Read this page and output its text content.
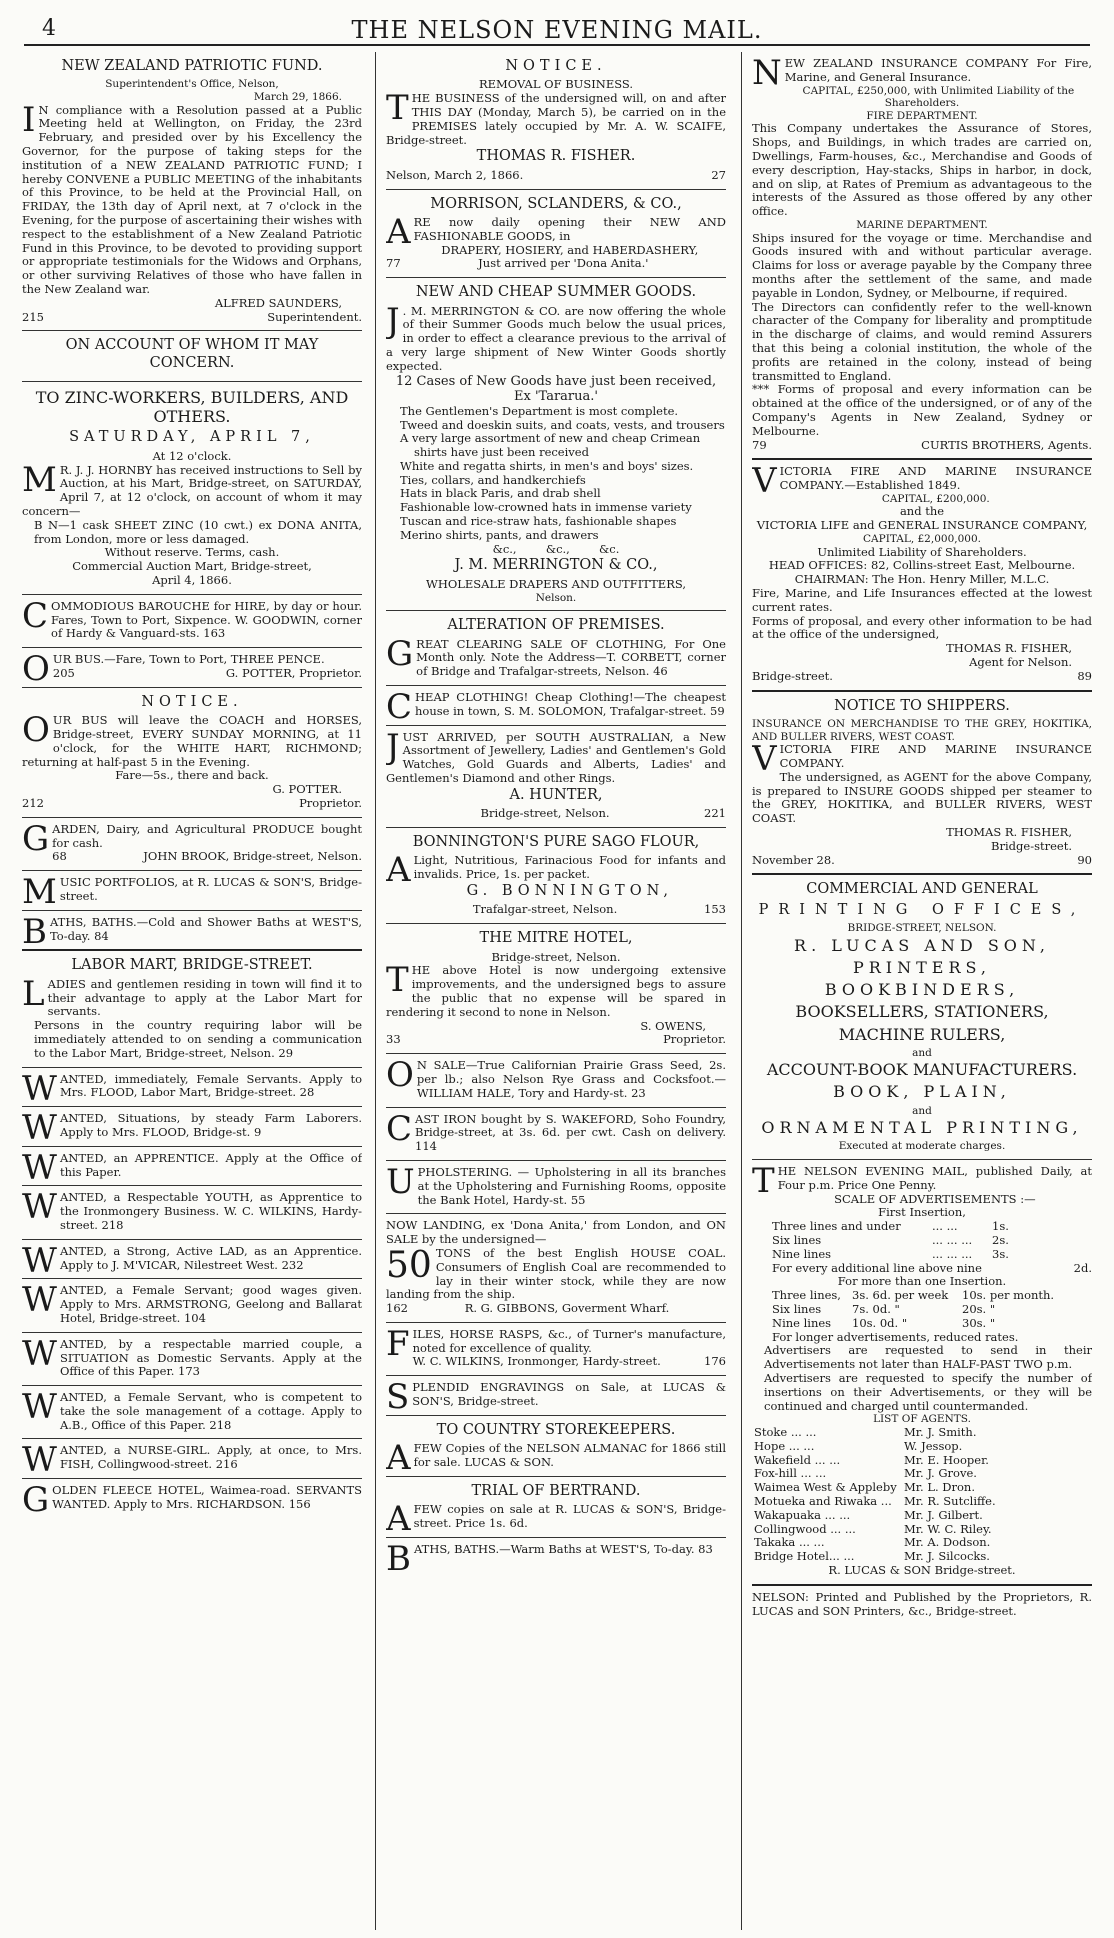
4	THE NELSON EVENING MAIL.
NEW ZEALAND PATRIOTIC FUND.
Superintendent's Office, Nelson,
March 29, 1866.

I N compliance with a Resolution passed at a Public Meeting held at Wellington, on Friday, the 23rd February, and presided over by his Excellency the Governor, for the purpose of taking steps for the institution of a NEW ZEALAND PATRIOTIC FUND; I hereby CONVENE a PUBLIC MEETING of the inhabitants of this Province, to be held at the Provincial Hall, on FRIDAY, the 13th day of April next, at 7 o'clock in the Evening, for the purpose of ascertaining their wishes with respect to the establishment of a New Zealand Patriotic Fund in this Province, to be devoted to providing support or appropriate testimonials for the Widows and Orphans, or other surviving Relatives of those who have fallen in the New Zealand war.

ALFRED SAUNDERS,
215	Superintendent.
ON ACCOUNT OF WHOM IT MAY CONCERN.
TO ZINC-WORKERS, BUILDERS, AND OTHERS.
SATURDAY, APRIL 7,
At 12 o'clock.

M R. J. J. HORNBY has received instructions to Sell by Auction, at his Mart, Bridge-street, on SATURDAY, April 7, at 12 o'clock, on account of whom it may concern—

B N—1 cask SHEET ZINC (10 cwt.) ex DONA ANITA, from London, more or less damaged.

Without reserve. Terms, cash.
Commercial Auction Mart, Bridge-street,
April 4, 1866.

COMMODIOUS BAROUCHE for HIRE, by day or hour. Fares, Town to Port, Sixpence. W. GOODWIN, corner of Hardy & Vanguard-sts. 163

OUR BUS.—Fare, Town to Port, THREE PENCE.

205	G. POTTER, Proprietor.
NOTICE.

OUR BUS will leave the COACH and HORSES, Bridge-street, EVERY SUNDAY MORNING, at 11 o'clock, for the WHITE HART, RICHMOND; returning at half-past 5 in the Evening.

Fare—5s., there and back.
G. POTTER.
212	Proprietor.

GARDEN, Dairy, and Agricultural PRODUCE bought for cash.

68	JOHN BROOK, Bridge-street, Nelson.

MUSIC PORTFOLIOS, at R. LUCAS & SON'S, Bridge-street.

BATHS, BATHS.—Cold and Shower Baths at WEST'S, To-day. 84

LABOR MART, BRIDGE-STREET.

LADIES and gentlemen residing in town will find it to their advantage to apply at the Labor Mart for servants.

Persons in the country requiring labor will be immediately attended to on sending a communication to the Labor Mart, Bridge-street, Nelson. 29

WANTED, immediately, Female Servants. Apply to Mrs. FLOOD, Labor Mart, Bridge-street. 28

WANTED, Situations, by steady Farm Laborers. Apply to Mrs. FLOOD, Bridge-st. 9

WANTED, an APPRENTICE. Apply at the Office of this Paper.

WANTED, a Respectable YOUTH, as Apprentice to the Ironmongery Business. W. C. WILKINS, Hardy-street. 218

WANTED, a Strong, Active LAD, as an Apprentice. Apply to J. M'VICAR, Nilestreet West. 232

WANTED, a Female Servant; good wages given. Apply to Mrs. ARMSTRONG, Geelong and Ballarat Hotel, Bridge-street. 104

WANTED, by a respectable married couple, a SITUATION as Domestic Servants. Apply at the Office of this Paper. 173

WANTED, a Female Servant, who is competent to take the sole management of a cottage. Apply to A.B., Office of this Paper. 218

WANTED, a NURSE-GIRL. Apply, at once, to Mrs. FISH, Collingwood-street. 216

GOLDEN FLEECE HOTEL, Waimea-road. SERVANTS WANTED. Apply to Mrs. RICHARDSON. 156

NOTICE.
REMOVAL OF BUSINESS.

THE BUSINESS of the undersigned will, on and after THIS DAY (Monday, March 5), be carried on in the PREMISES lately occupied by Mr. A. W. SCAIFE, Bridge-street.

THOMAS R. FISHER.
Nelson, March 2, 1866.	27
MORRISON, SCLANDERS, & CO.,

ARE now daily opening their NEW AND FASHIONABLE GOODS, in

DRAPERY, HOSIERY, and HABERDASHERY,
77	Just arrived per 'Dona Anita.'
NEW AND CHEAP SUMMER GOODS.

J . M. MERRINGTON & CO. are now offering the whole of their Summer Goods much below the usual prices, in order to effect a clearance previous to the arrival of a very large shipment of New Winter Goods shortly expected.

12 Cases of New Goods have just been received, Ex 'Tararua.'
The Gentlemen's Department is most complete.
Tweed and doeskin suits, and coats, vests, and trousers
A very large assortment of new and cheap Crimean shirts have just been received
White and regatta shirts, in men's and boys' sizes.
Ties, collars, and handkerchiefs
Hats in black Paris, and drab shell
Fashionable low-crowned hats in immense variety
Tuscan and rice-straw hats, fashionable shapes
Merino shirts, pants, and drawers
&c.,        &c.,        &c.
J. M. MERRINGTON & CO.,
WHOLESALE DRAPERS AND OUTFITTERS,
Nelson.
ALTERATION OF PREMISES.

GREAT CLEARING SALE OF CLOTHING, For One Month only. Note the Address—T. CORBETT, corner of Bridge and Trafalgar-streets, Nelson. 46

CHEAP CLOTHING! Cheap Clothing!—The cheapest house in town, S. M. SOLOMON, Trafalgar-street. 59

JUST ARRIVED, per SOUTH AUSTRALIAN, a New Assortment of Jewellery, Ladies' and Gentlemen's Gold Watches, Gold Guards and Alberts, Ladies' and Gentlemen's Diamond and other Rings.

A. HUNTER,
Bridge-street, Nelson.	221
BONNINGTON'S PURE SAGO FLOUR,

A Light, Nutritious, Farinacious Food for infants and invalids. Price, 1s. per packet.

G. BONNINGTON,
Trafalgar-street, Nelson.	153
THE MITRE HOTEL,
Bridge-street, Nelson.

THE above Hotel is now undergoing extensive improvements, and the undersigned begs to assure the public that no expense will be spared in rendering it second to none in Nelson.

S. OWENS,
33	Proprietor.

O N SALE—True Californian Prairie Grass Seed, 2s. per lb.; also Nelson Rye Grass and Cocksfoot.—WILLIAM HALE, Tory and Hardy-st. 23

CAST IRON bought by S. WAKEFORD, Soho Foundry, Bridge-street, at 3s. 6d. per cwt. Cash on delivery. 114

UPHOLSTERING. — Upholstering in all its branches at the Upholstering and Furnishing Rooms, opposite the Bank Hotel, Hardy-st. 55

NOW LANDING, ex 'Dona Anita,' from London, and ON SALE by the undersigned—

50 TONS of the best English HOUSE COAL. Consumers of English Coal are recommended to lay in their winter stock, while they are now landing from the ship.

162	R. G. GIBBONS, Goverment Wharf.

FILES, HORSE RASPS, &c., of Turner's manufacture, noted for excellence of quality.

W. C. WILKINS, Ironmonger, Hardy-street.	176

SPLENDID ENGRAVINGS on Sale, at LUCAS & SON'S, Bridge-street.

TO COUNTRY STOREKEEPERS.

AFEW Copies of the NELSON ALMANAC for 1866 still for sale. LUCAS & SON.

TRIAL OF BERTRAND.

AFEW copies on sale at R. LUCAS & SON'S, Bridge-street. Price 1s. 6d.

BATHS, BATHS.—Warm Baths at WEST'S, To-day. 83

NEW ZEALAND INSURANCE COMPANY For Fire, Marine, and General Insurance.

CAPITAL, £250,000, with Unlimited Liability of the Shareholders.
FIRE DEPARTMENT.

This Company undertakes the Assurance of Stores, Shops, and Buildings, in which trades are carried on, Dwellings, Farm-houses, &c., Merchandise and Goods of every description, Hay-stacks, Ships in harbor, in dock, and on slip, at Rates of Premium as advantageous to the interests of the Assured as those offered by any other office.

MARINE DEPARTMENT.

Ships insured for the voyage or time. Merchandise and Goods insured with and without particular average. Claims for loss or average payable by the Company three months after the settlement of the same, and made payable in London, Sydney, or Melbourne, if required.

The Directors can confidently refer to the well-known character of the Company for liberality and promptitude in the discharge of claims, and would remind Assurers that this being a colonial institution, the whole of the profits are retained in the colony, instead of being transmitted to England.

*** Forms of proposal and every information can be obtained at the office of the undersigned, or of any of the Company's Agents in New Zealand, Sydney or Melbourne.

79	CURTIS BROTHERS, Agents.

VICTORIA FIRE AND MARINE INSURANCE COMPANY.—Established 1849.

CAPITAL, £200,000.
and the
VICTORIA LIFE and GENERAL INSURANCE COMPANY,
CAPITAL, £2,000,000.
Unlimited Liability of Shareholders.
HEAD OFFICES: 82, Collins-street East, Melbourne.
CHAIRMAN: The Hon. Henry Miller, M.L.C.

Fire, Marine, and Life Insurances effected at the lowest current rates.

Forms of proposal, and every other information to be had at the office of the undersigned,

THOMAS R. FISHER,
Agent for Nelson.
Bridge-street.	89
NOTICE TO SHIPPERS.

INSURANCE ON MERCHANDISE TO THE GREY, HOKITIKA, AND BULLER RIVERS, WEST COAST.

VICTORIA FIRE AND MARINE INSURANCE COMPANY.

The undersigned, as AGENT for the above Company, is prepared to INSURE GOODS shipped per steamer to the GREY, HOKITIKA, and BULLER RIVERS, WEST COAST.

THOMAS R. FISHER,
Bridge-street.
November 28.	90
COMMERCIAL AND GENERAL
PRINTING OFFICES,
BRIDGE-STREET, NELSON.
R. LUCAS AND SON,
PRINTERS,
BOOKBINDERS,
BOOKSELLERS, STATIONERS,
MACHINE RULERS,
and
ACCOUNT-BOOK MANUFACTURERS.
BOOK, PLAIN,
and
ORNAMENTAL PRINTING,
Executed at moderate charges.

THE NELSON EVENING MAIL, published Daily, at Four p.m. Price One Penny.

SCALE OF ADVERTISEMENTS :—
First Insertion,
Three lines and under	... ...	1s.
Six lines	... ... ...	2s.
Nine lines	... ... ...	3s.
For every additional line above nine	2d.
For more than one Insertion.
Three lines, 3s. 6d. per week	10s. per month.
Six lines	7s. 0d. "	20s. "
Nine lines	10s. 0d. "	30s. "
For longer advertisements, reduced rates.

Advertisers are requested to send in their Advertisements not later than HALF-PAST TWO p.m.

Advertisers are requested to specify the number of insertions on their Advertisements, or they will be continued and charged until countermanded.

LIST OF AGENTS.
Stoke ... ...	Mr. J. Smith.
Hope ... ...	W. Jessop.
Wakefield ... ...	Mr. E. Hooper.
Fox-hill ... ...	Mr. J. Grove.
Waimea West & Appleby Mr. L. Dron.
Motueka and Riwaka ...	Mr. R. Sutcliffe.
Wakapuaka ... ...	Mr. J. Gilbert.
Collingwood ... ...	Mr. W. C. Riley.
Takaka ... ...	Mr. A. Dodson.
Bridge Hotel... ...	Mr. J. Silcocks.
R. LUCAS & SON Bridge-street.

NELSON: Printed and Published by the Proprietors, R. LUCAS and SON Printers, &c., Bridge-street.
